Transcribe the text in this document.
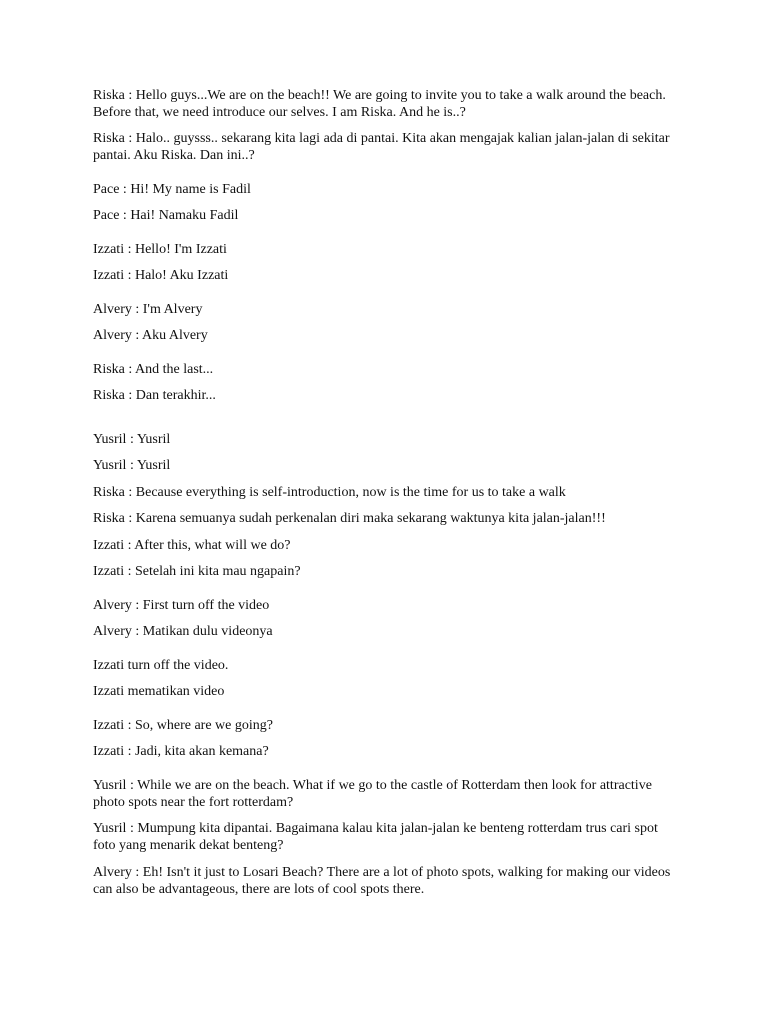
Riska : Hello guys...We are on the beach!! We are going to invite you to take a walk around the beach. Before that, we need introduce our selves. I am Riska. And he is..?
Riska : Halo.. guysss.. sekarang kita lagi ada di pantai. Kita akan mengajak kalian jalan-jalan di sekitar pantai. Aku Riska. Dan ini..?
Pace : Hi! My name is Fadil
Pace : Hai! Namaku Fadil
Izzati : Hello! I'm Izzati
Izzati : Halo! Aku Izzati
Alvery : I'm Alvery
Alvery : Aku Alvery
Riska : And the last...
Riska : Dan terakhir...
Yusril : Yusril
Yusril : Yusril
Riska : Because everything is self-introduction, now is the time for us to take a walk
Riska : Karena semuanya sudah perkenalan diri maka sekarang waktunya kita jalan-jalan!!!
Izzati : After this, what will we do?
Izzati : Setelah ini kita mau ngapain?
Alvery : First turn off the video
Alvery : Matikan dulu videonya
Izzati turn off the video.
Izzati mematikan video
Izzati : So, where are we going?
Izzati : Jadi, kita akan kemana?
Yusril : While we are on the beach. What if we go to the castle of Rotterdam then look for attractive photo spots near the fort rotterdam?
Yusril : Mumpung kita dipantai. Bagaimana kalau kita jalan-jalan ke benteng rotterdam trus cari spot foto yang menarik dekat benteng?
Alvery : Eh! Isn't it just to Losari Beach? There are a lot of photo spots, walking for making our videos can also be advantageous, there are lots of cool spots there.
